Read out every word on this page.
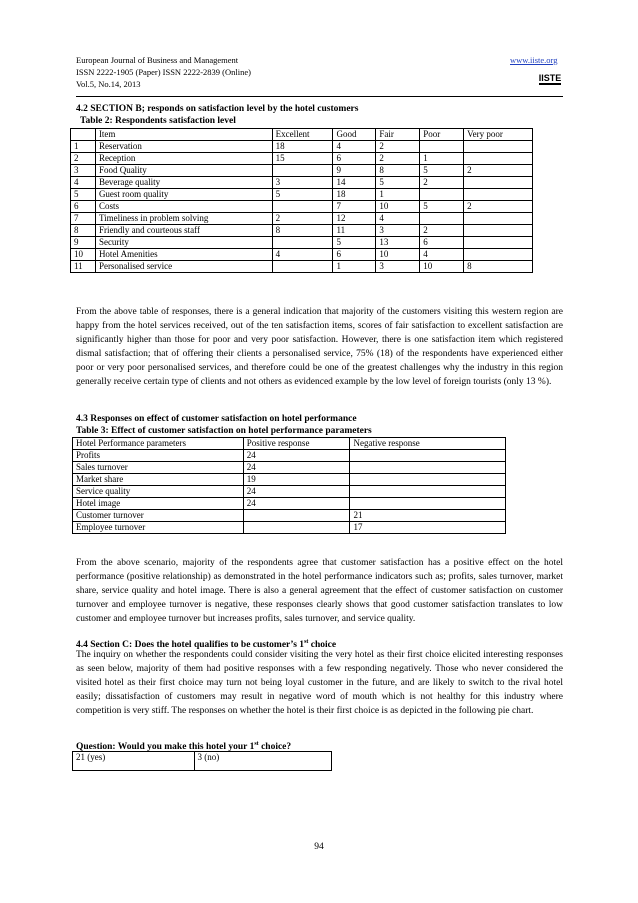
European Journal of Business and Management
ISSN 2222-1905 (Paper) ISSN 2222-2839 (Online)
Vol.5, No.14, 2013
www.iiste.org
IISTE
4.2 SECTION B; responds on satisfaction level by the hotel customers
Table 2: Respondents satisfaction level
	Item	Excellent	Good	Fair	Poor	Very poor
1	Reservation	18	4	2		
2	Reception	15	6	2	1	
3	Food Quality		9	8	5	2
4	Beverage quality	3	14	5	2	
5	Guest room quality	5	18	1		
6	Costs		7	10	5	2
7	Timeliness in problem solving	2	12	4		
8	Friendly and courteous staff	8	11	3	2	
9	Security		5	13	6	
10	Hotel Amenities	4	6	10	4	
11	Personalised service		1	3	10	8
From the above table of responses, there is a general indication that majority of the customers visiting this western region are happy from the hotel services received, out of the ten satisfaction items, scores of fair satisfaction to excellent satisfaction are significantly higher than those for poor and very poor satisfaction. However, there is one satisfaction item which registered dismal satisfaction; that of offering their clients a personalised service, 75% (18) of the respondents have experienced either poor or very poor personalised services, and therefore could be one of the greatest challenges why the industry in this region generally receive certain type of clients and not others as evidenced example by the low level of foreign tourists (only 13 %).
4.3 Responses on effect of customer satisfaction on hotel performance
Table 3: Effect of customer satisfaction on hotel performance parameters
Hotel Performance parameters	Positive response	Negative response
Profits	24	
Sales turnover	24	
Market share	19	
Service quality	24	
Hotel image	24	
Customer turnover		21
Employee turnover		17
From the above scenario, majority of the respondents agree that customer satisfaction has a positive effect on the hotel performance (positive relationship) as demonstrated in the hotel performance indicators such as; profits, sales turnover, market share, service quality and hotel image. There is also a general agreement that the effect of customer satisfaction on customer turnover and employee turnover is negative, these responses clearly shows that good customer satisfaction translates to low customer and employee turnover but increases profits, sales turnover, and service quality.
4.4 Section C: Does the hotel qualifies to be customer’s 1st choice
The inquiry on whether the respondents could consider visiting the very hotel as their first choice elicited interesting responses as seen below, majority of them had positive responses with a few responding negatively. Those who never considered the visited hotel as their first choice may turn not being loyal customer in the future, and are likely to switch to the rival hotel easily; dissatisfaction of customers may result in negative word of mouth which is not healthy for this industry where competition is very stiff. The responses on whether the hotel is their first choice is as depicted in the following pie chart.
Question: Would you make this hotel your 1st choice?
21 (yes)	3 (no)
94
